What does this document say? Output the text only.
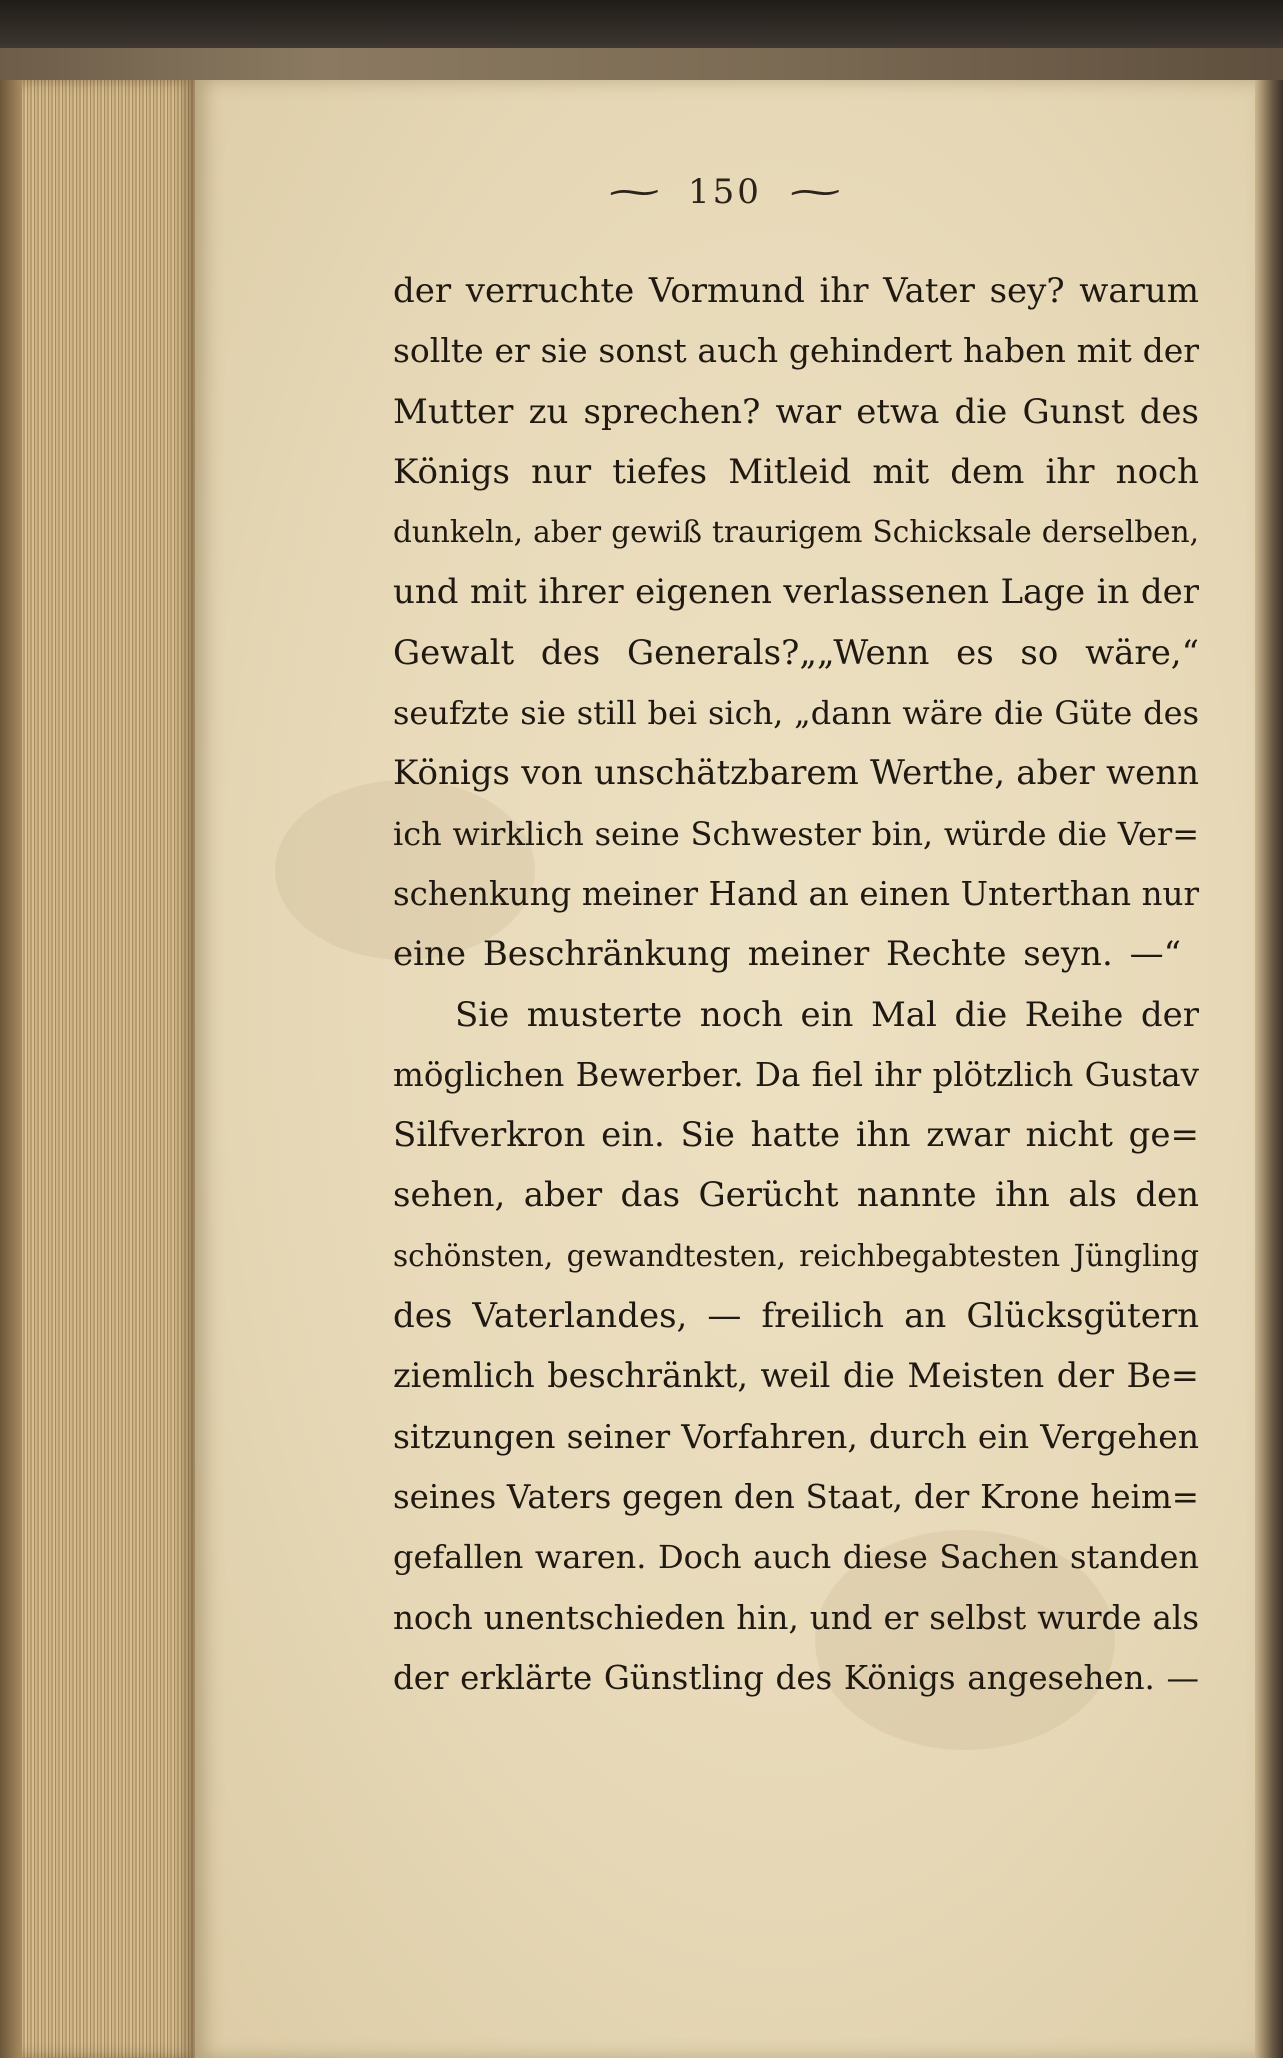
~ 150 ~
der verruchte Vormund ihr Vater sey? warum
sollte er sie sonst auch gehindert haben mit der
Mutter zu sprechen? war etwa die Gunst des
Königs nur tiefes Mitleid mit dem ihr noch
dunkeln, aber gewiß traurigem Schicksale derselben,
und mit ihrer eigenen verlassenen Lage in der
Gewalt des Generals?„„Wenn es so wäre,“
seufzte sie still bei sich, „dann wäre die Güte des
Königs von unschätzbarem Werthe, aber wenn
ich wirklich seine Schwester bin, würde die Ver=
schenkung meiner Hand an einen Unterthan nur
eine Beschränkung meiner Rechte seyn. —“
Sie musterte noch ein Mal die Reihe der
möglichen Bewerber. Da fiel ihr plötzlich Gustav
Silfverkron ein. Sie hatte ihn zwar nicht ge=
sehen, aber das Gerücht nannte ihn als den
schönsten, gewandtesten, reichbegabtesten Jüngling
des Vaterlandes, — freilich an Glücksgütern
ziemlich beschränkt, weil die Meisten der Be=
sitzungen seiner Vorfahren, durch ein Vergehen
seines Vaters gegen den Staat, der Krone heim=
gefallen waren. Doch auch diese Sachen standen
noch unentschieden hin, und er selbst wurde als
der erklärte Günstling des Königs angesehen. —
